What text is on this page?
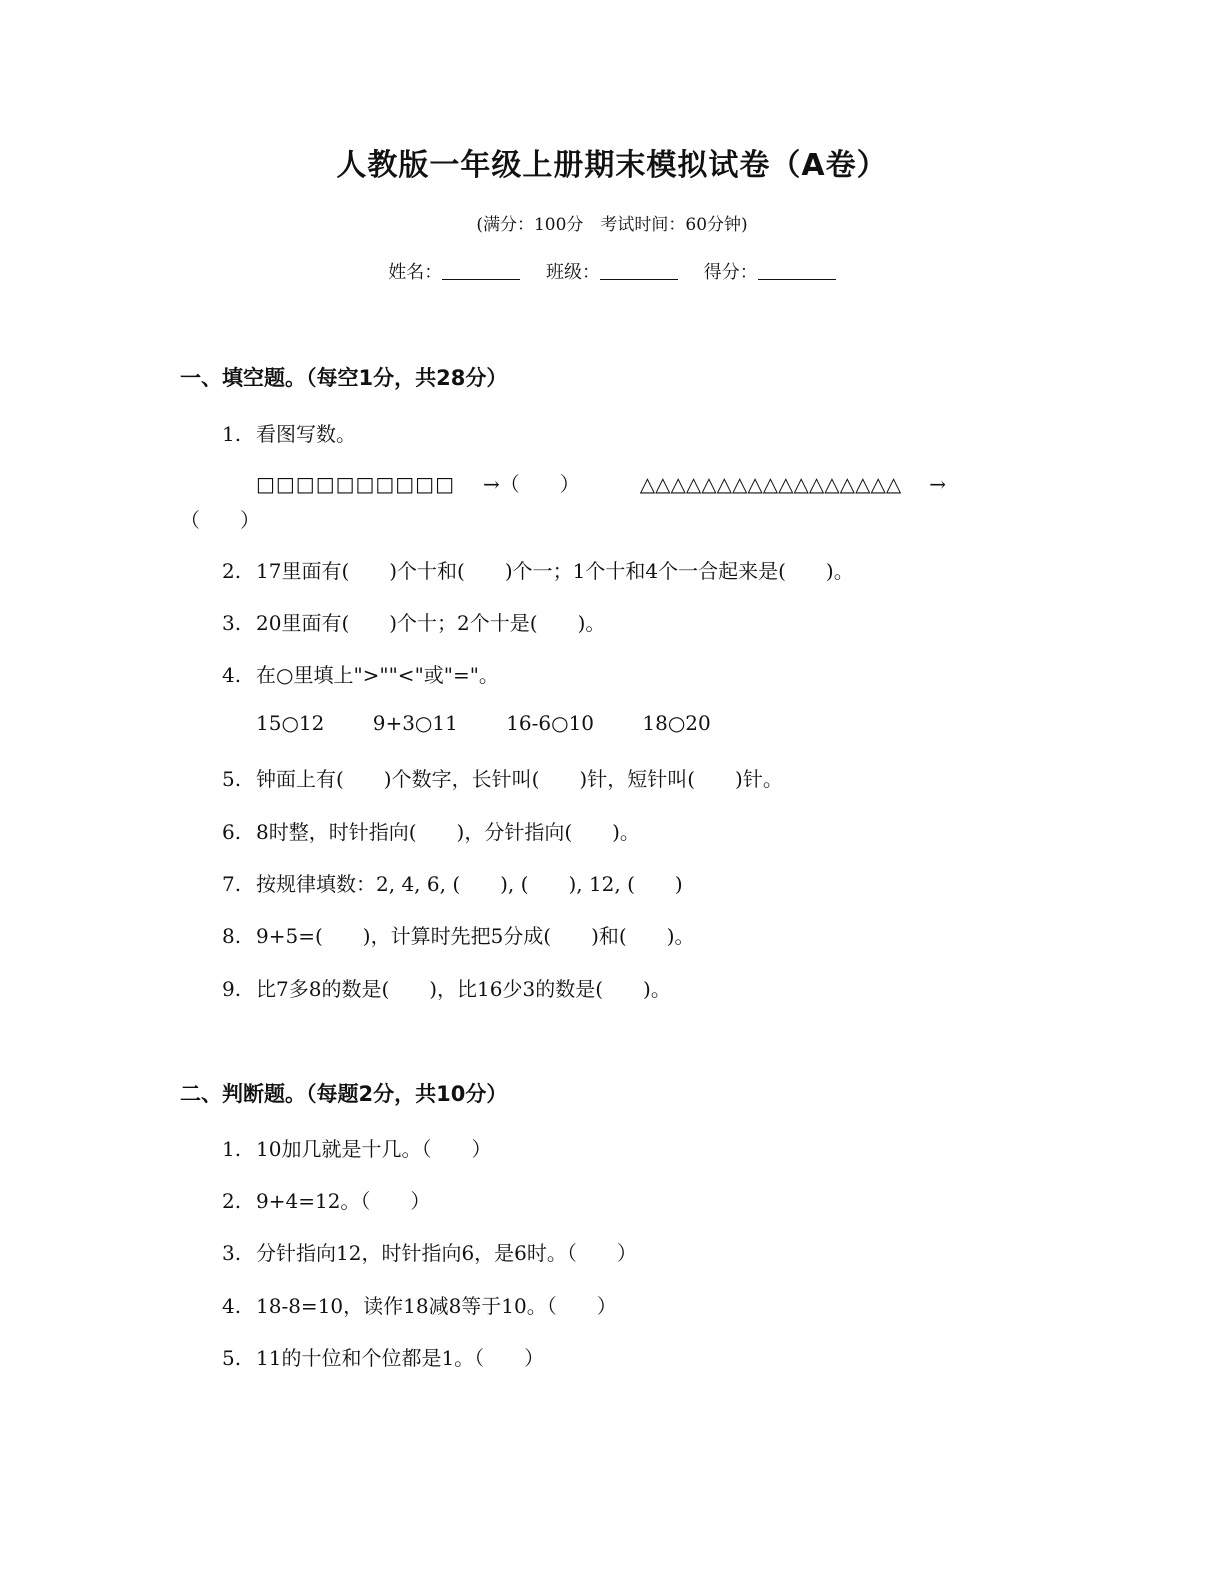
人教版一年级上册期末模拟试卷（A卷）
(满分：100分　考试时间：60分钟)
姓名：	班级：	得分：
一、填空题。（每空1分，共28分）
1. 看图写数。
□□□□□□□□□□ →（　　）	△△△△△△△△△△△△△△△△△ →
（　　）
2. 17里面有(　　)个十和(　　)个一；1个十和4个一合起来是(　　)。
3. 20里面有(　　)个十；2个十是(　　)。
4. 在○里填上">""<"或"="。
15○12 9+3○11 16-6○10 18○20
5. 钟面上有(　　)个数字，长针叫(　　)针，短针叫(　　)针。
6. 8时整，时针指向(　　)，分针指向(　　)。
7. 按规律填数：2, 4, 6, (　　), (　　), 12, (　　)
8. 9+5=(　　)，计算时先把5分成(　　)和(　　)。
9. 比7多8的数是(　　)，比16少3的数是(　　)。
二、判断题。（每题2分，共10分）
1. 10加几就是十几。（　　）
2. 9+4=12。（　　）
3. 分针指向12，时针指向6，是6时。（　　）
4. 18-8=10，读作18减8等于10。（　　）
5. 11的十位和个位都是1。（　　）
